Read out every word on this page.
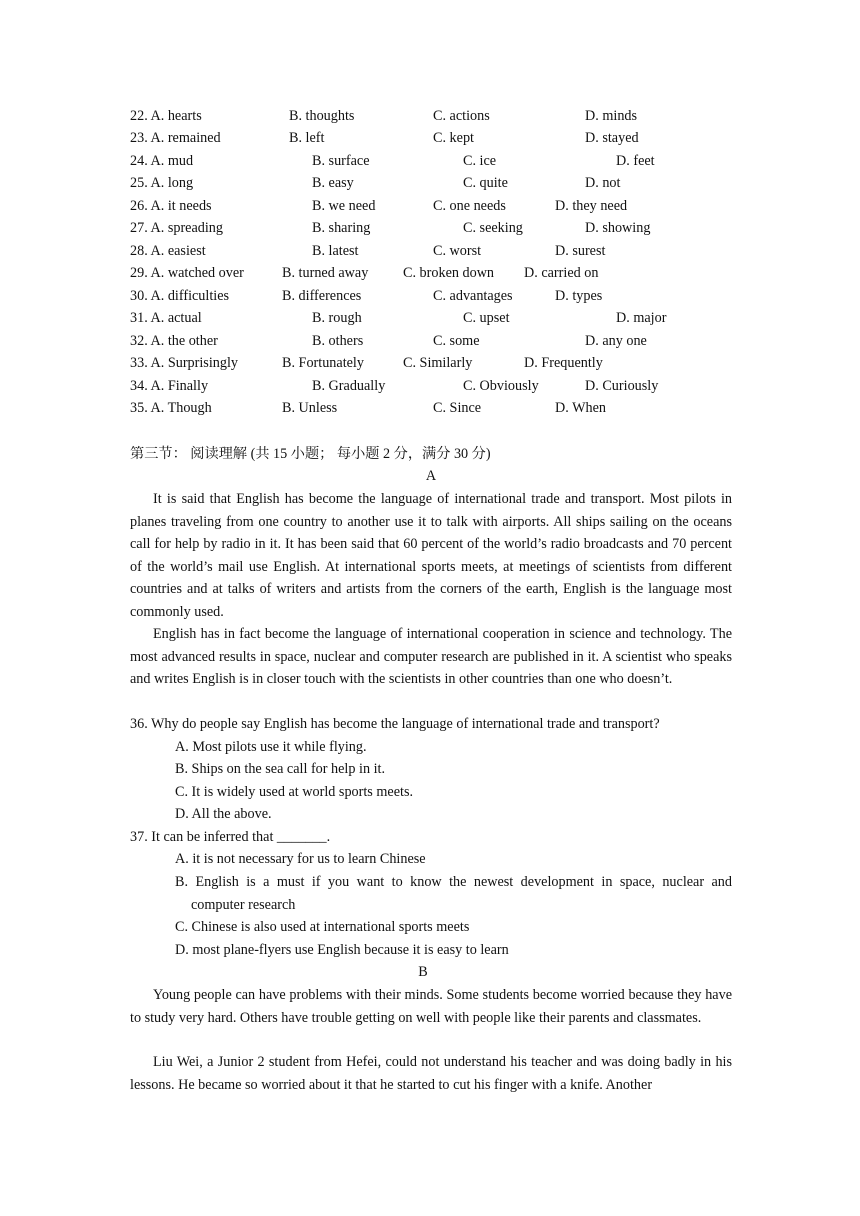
22. A. hearts	B. thoughts	C. actions	D. minds
23. A. remained	B. left	C. kept	D. stayed
24. A. mud	B. surface	C. ice	D. feet
25. A. long	B. easy	C. quite	D. not
26. A. it needs	B. we need	C. one needs	D. they need
27. A. spreading	B. sharing	C. seeking	D. showing
28. A. easiest	B. latest	C. worst	D. surest
29. A. watched over	B. turned away C. broken down D. carried on
30. A. difficulties	B. differences	C. advantages	D. types
31. A. actual	B. rough	C. upset	D. major
32. A. the other	B. others	C. some	D. any one
33. A. Surprisingly	B. Fortunately	C. Similarly	D. Frequently
34. A. Finally	B. Gradually	C. Obviously	D. Curiously
35. A. Though	B. Unless	C. Since	D. When
第三节： 阅读理解 (共 15 小题； 每小题 2 分，满分 30 分)
A

It is said that English has become the language of international trade and transport. Most pilots in planes traveling from one country to another use it to talk with airports. All ships sailing on the oceans call for help by radio in it. It has been said that 60 percent of the world’s radio broadcasts and 70 percent of the world’s mail use English. At international sports meets, at meetings of scientists from different countries and at talks of writers and artists from the corners of the earth, English is the language most commonly used.

English has in fact become the language of international cooperation in science and technology. The most advanced results in space, nuclear and computer research are published in it. A scientist who speaks and writes English is in closer touch with the scientists in other countries than one who doesn’t.

36. Why do people say English has become the language of international trade and transport?
A. Most pilots use it while flying.
B. Ships on the sea call for help in it.
C. It is widely used at world sports meets.
D. All the above.
37. It can be inferred that _______.
A. it is not necessary for us to learn Chinese
B. English is a must if you want to know the newest development in space, nuclear and
computer research
C. Chinese is also used at international sports meets
D. most plane-flyers use English because it is easy to learn
B

Young people can have problems with their minds. Some students become worried because they have to study very hard. Others have trouble getting on well with people like their parents and classmates.

Liu Wei, a Junior 2 student from Hefei, could not understand his teacher and was doing badly in his lessons. He became so worried about it that he started to cut his finger with a knife. Another
